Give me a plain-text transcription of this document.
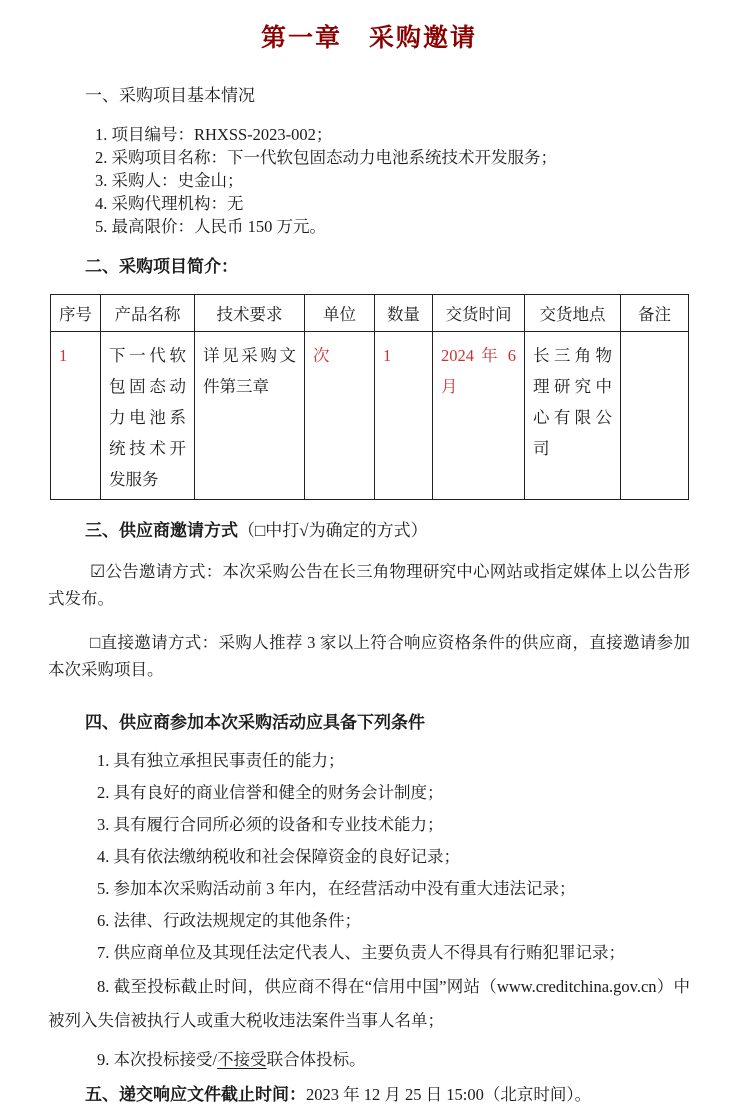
第一章　采购邀请

一、采购项目基本情况

1. 项目编号：RHXSS-2023-002；

2. 采购项目名称：下一代软包固态动力电池系统技术开发服务；

3. 采购人：史金山；

4. 采购代理机构：无

5. 最高限价：人民币 150 万元。

二、采购项目简介：

序号	产品名称	技术要求	单位	数量	交货时间	交货地点	备注
1	下一代软包固态动力电池系统技术开发服务	详见采购文件第三章	次	1	2024 年 6 月	长三角物理研究中心有限公司	

三、供应商邀请方式（□中打√为确定的方式）

☑公告邀请方式：本次采购公告在长三角物理研究中心网站或指定媒体上以公告形式发布。

□直接邀请方式：采购人推荐 3 家以上符合响应资格条件的供应商，直接邀请参加本次采购项目。

四、供应商参加本次采购活动应具备下列条件

1. 具有独立承担民事责任的能力；

2. 具有良好的商业信誉和健全的财务会计制度；

3. 具有履行合同所必须的设备和专业技术能力；

4. 具有依法缴纳税收和社会保障资金的良好记录；

5. 参加本次采购活动前 3 年内，在经营活动中没有重大违法记录；

6. 法律、行政法规规定的其他条件；

7. 供应商单位及其现任法定代表人、主要负责人不得具有行贿犯罪记录；

8. 截至投标截止时间，供应商不得在“信用中国”网站（www.creditchina.gov.cn）中被列入失信被执行人或重大税收违法案件当事人名单；

9. 本次投标接受/不接受联合体投标。

五、递交响应文件截止时间：2023 年 12 月 25 日 15:00（北京时间）。
